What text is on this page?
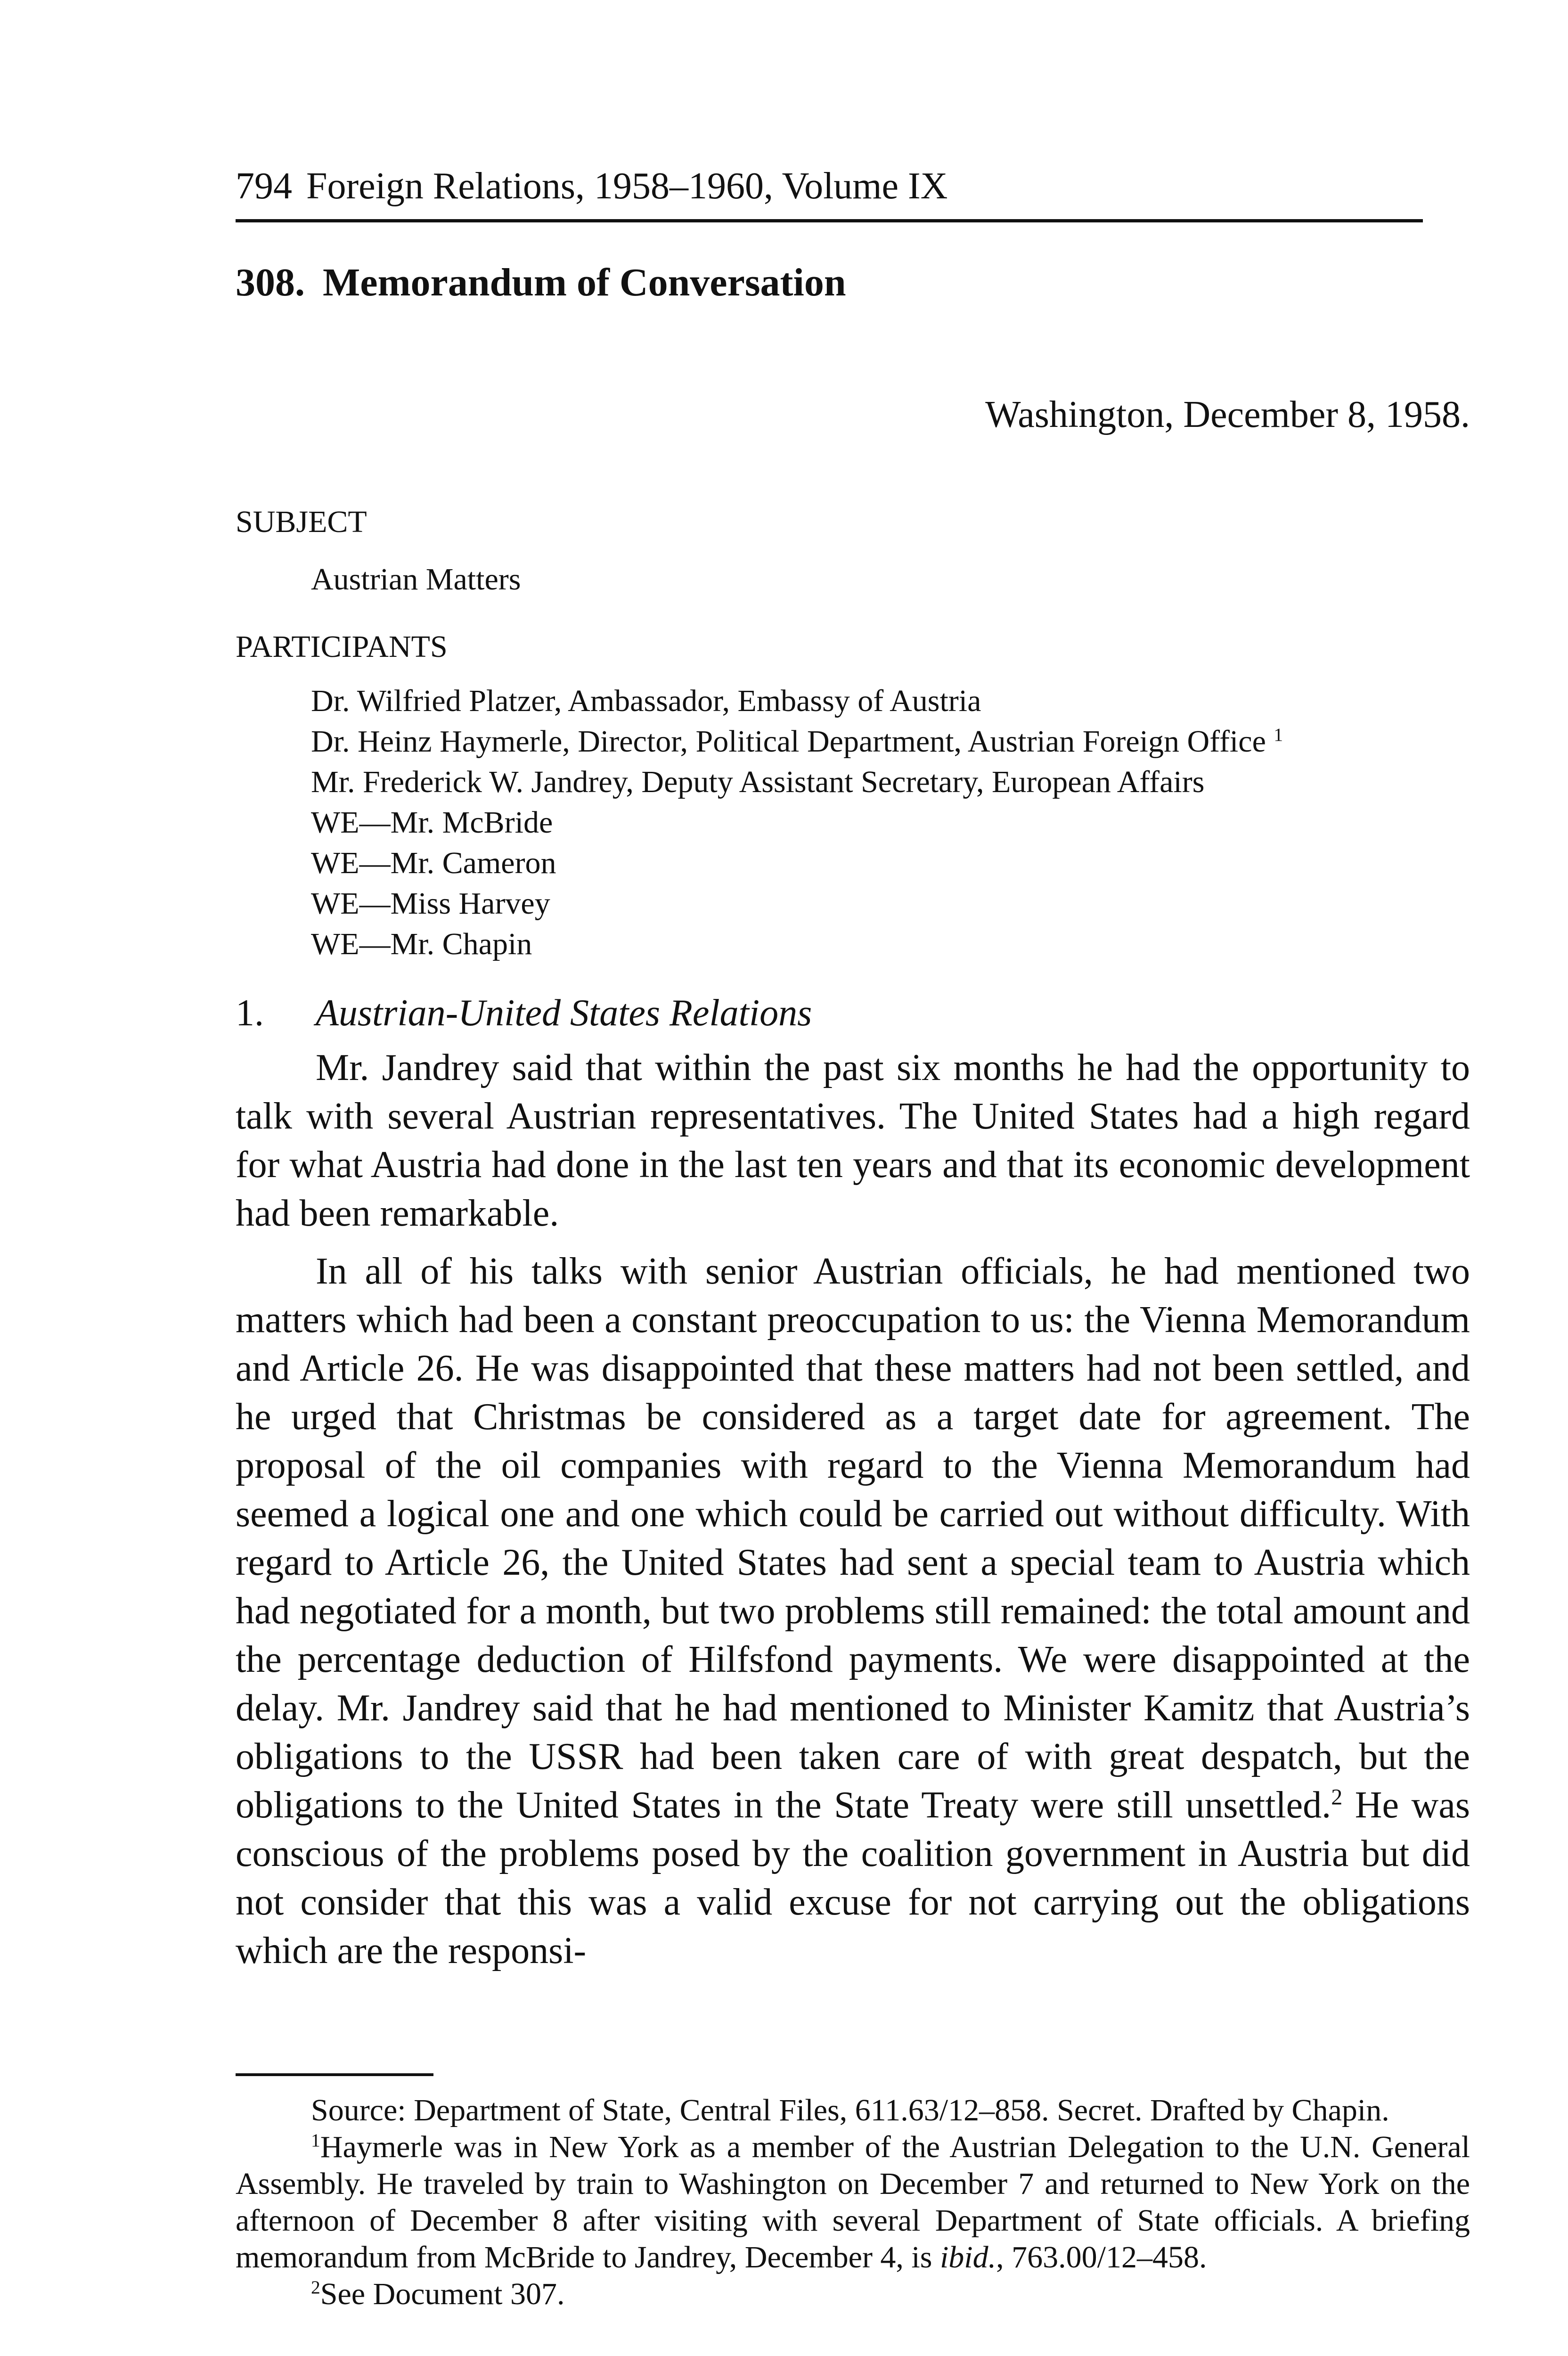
794 Foreign Relations, 1958–1960, Volume IX
308. Memorandum of Conversation
Washington, December 8, 1958.
SUBJECT
Austrian Matters
PARTICIPANTS
Dr. Wilfried Platzer, Ambassador, Embassy of Austria
Dr. Heinz Haymerle, Director, Political Department, Austrian Foreign Office $^1$
Mr. Frederick W. Jandrey, Deputy Assistant Secretary, European Affairs
WE—Mr. McBride
WE—Mr. Cameron
WE—Miss Harvey
WE—Mr. Chapin
1. Austrian-United States Relations

Mr. Jandrey said that within the past six months he had the opportunity to talk with several Austrian representatives. The United States had a high regard for what Austria had done in the last ten years and that its economic development had been remarkable.

In all of his talks with senior Austrian officials, he had mentioned two matters which had been a constant preoccupation to us: the Vienna Memorandum and Article 26. He was disappointed that these matters had not been settled, and he urged that Christmas be considered as a target date for agreement. The proposal of the oil companies with regard to the Vienna Memorandum had seemed a logical one and one which could be carried out without difficulty. With regard to Article 26, the United States had sent a special team to Austria which had negotiated for a month, but two problems still remained: the total amount and the percentage deduction of Hilfsfond payments. We were disappointed at the delay. Mr. Jandrey said that he had mentioned to Minister Kamitz that Austria’s obligations to the USSR had been taken care of with great despatch, but the obligations to the United States in the State Treaty were still unsettled.$^2$ He was conscious of the problems posed by the coalition government in Austria but did not consider that this was a valid excuse for not carrying out the obligations which are the responsi-

Source: Department of State, Central Files, 611.63/12–858. Secret. Drafted by Chapin.

$^1$Haymerle was in New York as a member of the Austrian Delegation to the U.N. General Assembly. He traveled by train to Washington on December 7 and returned to New York on the afternoon of December 8 after visiting with several Department of State officials. A briefing memorandum from McBride to Jandrey, December 4, is ibid., 763.00/12–458.

$^2$See Document 307.
